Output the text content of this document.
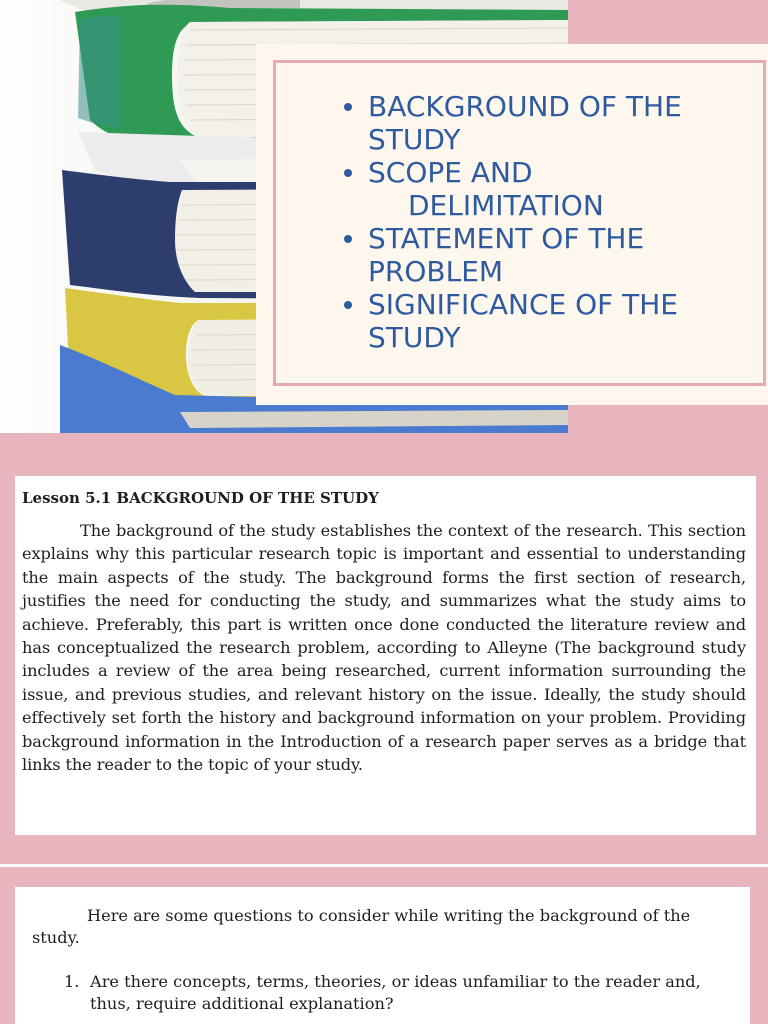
BACKGROUND OF THE STUDY
SCOPE AND
DELIMITATION
STATEMENT OF THE PROBLEM
SIGNIFICANCE OF THE STUDY
Lesson 5.1 BACKGROUND OF THE STUDY

The background of the study establishes the context of the research. This section explains why this particular research topic is important and essential to understanding the main aspects of the study. The background forms the first section of research, justifies the need for conducting the study, and summarizes what the study aims to achieve. Preferably, this part is written once done conducted the literature review and has conceptualized the research problem, according to Alleyne (The background study includes a review of the area being researched, current information surrounding the issue, and previous studies, and relevant history on the issue. Ideally, the study should effectively set forth the history and background information on your problem. Providing background information in the Introduction of a research paper serves as a bridge that links the reader to the topic of your study.

Here are some questions to consider while writing the background of the study.

1. Are there concepts, terms, theories, or ideas unfamiliar to the reader and, thus, require additional explanation?
